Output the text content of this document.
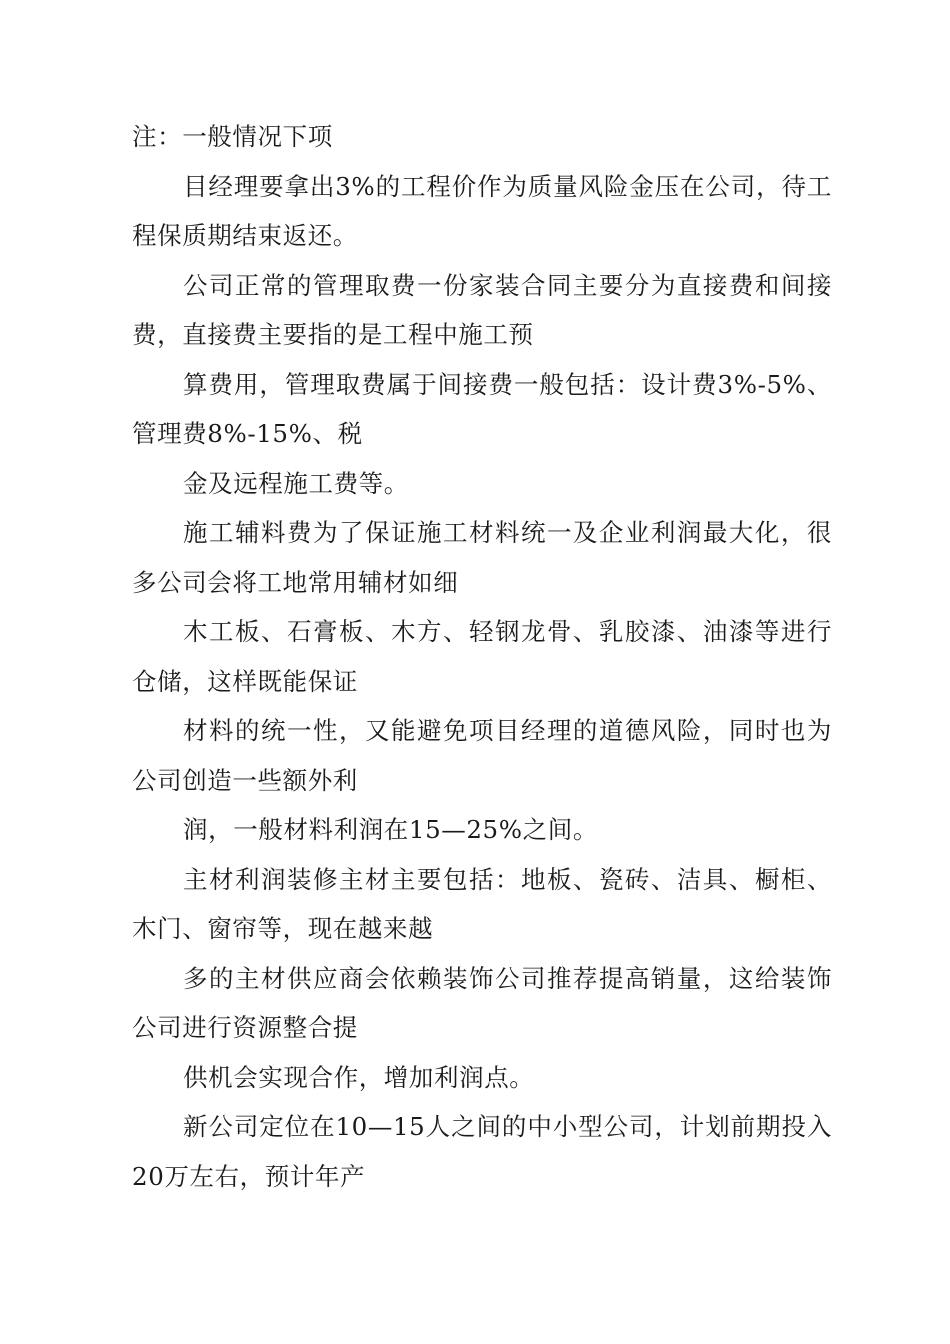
注：一般情况下项

目经理要拿出3%的工程价作为质量风险金压在公司，待工程保质期结束返还。

公司正常的管理取费一份家装合同主要分为直接费和间接费，直接费主要指的是工程中施工预

算费用，管理取费属于间接费一般包括：设计费3%-5%、管理费8%-15%、税

金及远程施工费等。

施工辅料费为了保证施工材料统一及企业利润最大化，很多公司会将工地常用辅材如细

木工板、石膏板、木方、轻钢龙骨、乳胶漆、油漆等进行仓储，这样既能保证

材料的统一性，又能避免项目经理的道德风险，同时也为公司创造一些额外利

润，一般材料利润在15—25%之间。

主材利润装修主材主要包括：地板、瓷砖、洁具、橱柜、木门、窗帘等，现在越来越

多的主材供应商会依赖装饰公司推荐提高销量，这给装饰公司进行资源整合提

供机会实现合作，增加利润点。

新公司定位在10—15人之间的中小型公司，计划前期投入20万左右，预计年产
